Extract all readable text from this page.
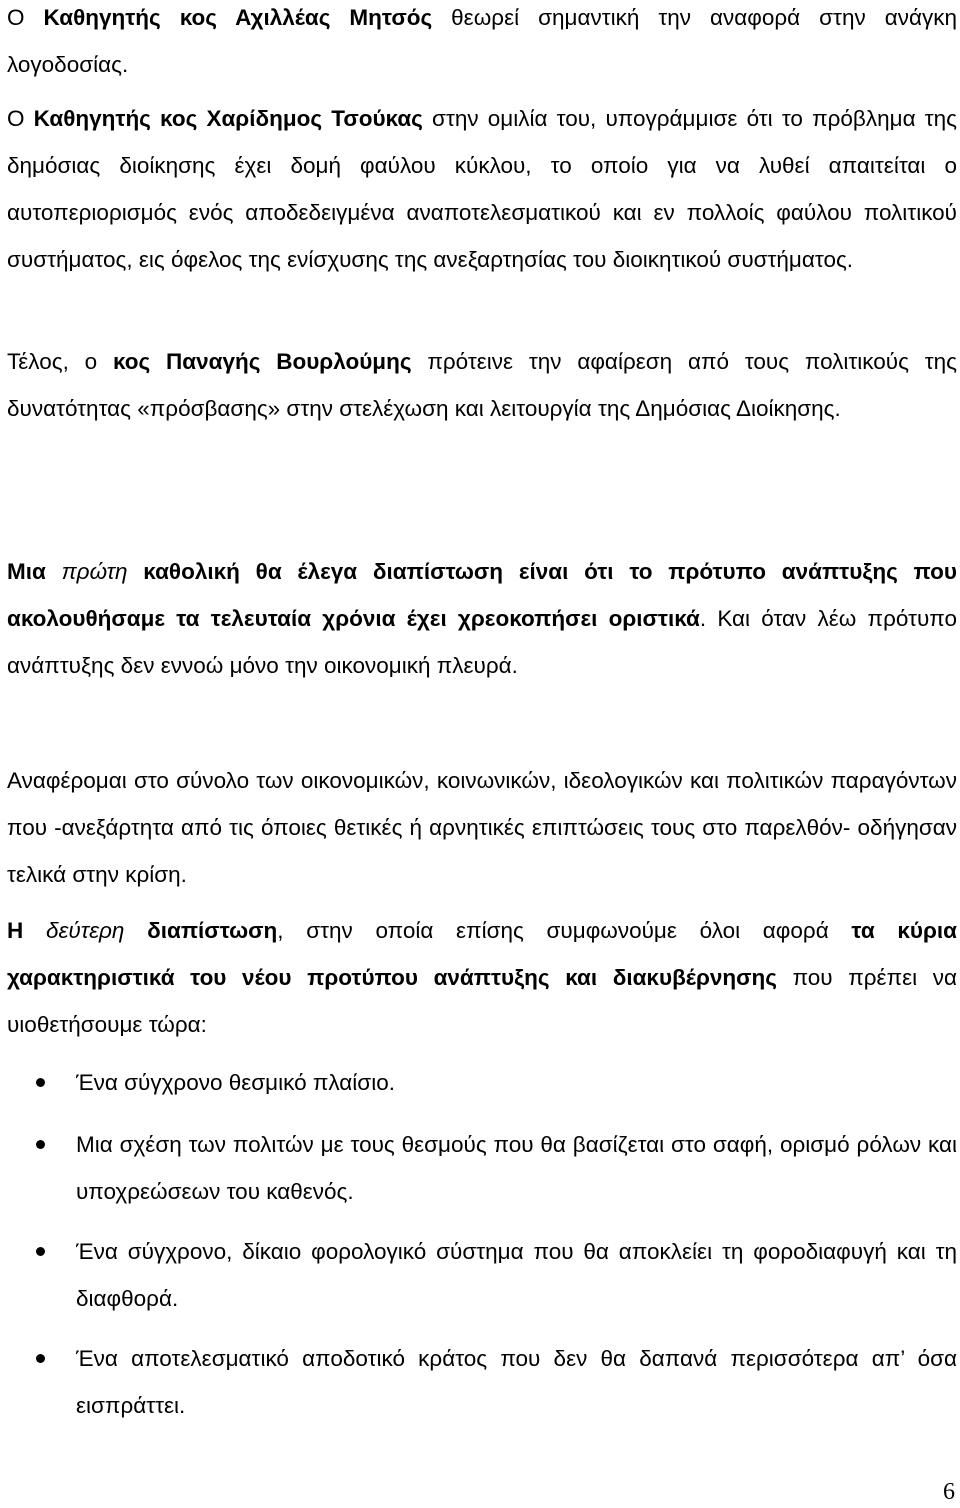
Ο Καθηγητής κος Αχιλλέας Μητσός θεωρεί σημαντική την αναφορά στην ανάγκη λογοδοσίας.

Ο Καθηγητής κος Χαρίδημος Τσούκας στην ομιλία του, υπογράμμισε ότι το πρόβλημα της δημόσιας διοίκησης έχει δομή φαύλου κύκλου, το οποίο για να λυθεί απαιτείται ο αυτοπεριορισμός ενός αποδεδειγμένα αναποτελεσματικού και εν πολλοίς φαύλου πολιτικού συστήματος, εις όφελος της ενίσχυσης της ανεξαρτησίας του διοικητικού συστήματος.

Τέλος, ο κος Παναγής Βουρλούμης πρότεινε την αφαίρεση από τους πολιτικούς της δυνατότητας «πρόσβασης» στην στελέχωση και λειτουργία της Δημόσιας Διοίκησης.

Μια πρώτη καθολική θα έλεγα διαπίστωση είναι ότι το πρότυπο ανάπτυξης που ακολουθήσαμε τα τελευταία χρόνια έχει χρεοκοπήσει οριστικά. Και όταν λέω πρότυπο ανάπτυξης δεν εννοώ μόνο την οικονομική πλευρά.

Αναφέρομαι στο σύνολο των οικονομικών, κοινωνικών, ιδεολογικών και πολιτικών παραγόντων που -ανεξάρτητα από τις όποιες θετικές ή αρνητικές επιπτώσεις τους στο παρελθόν- οδήγησαν τελικά στην κρίση.

Η δεύτερη διαπίστωση, στην οποία επίσης συμφωνούμε όλοι αφορά τα κύρια χαρακτηριστικά του νέου προτύπου ανάπτυξης και διακυβέρνησης που πρέπει να υιοθετήσουμε τώρα:

Ένα σύγχρονο θεσμικό πλαίσιο.

Μια σχέση των πολιτών με τους θεσμούς που θα βασίζεται στο σαφή, ορισμό ρόλων και υποχρεώσεων του καθενός.

Ένα σύγχρονο, δίκαιο φορολογικό σύστημα που θα αποκλείει τη φοροδιαφυγή και τη διαφθορά.

Ένα αποτελεσματικό αποδοτικό κράτος που δεν θα δαπανά περισσότερα απ’ όσα εισπράττει.

6
